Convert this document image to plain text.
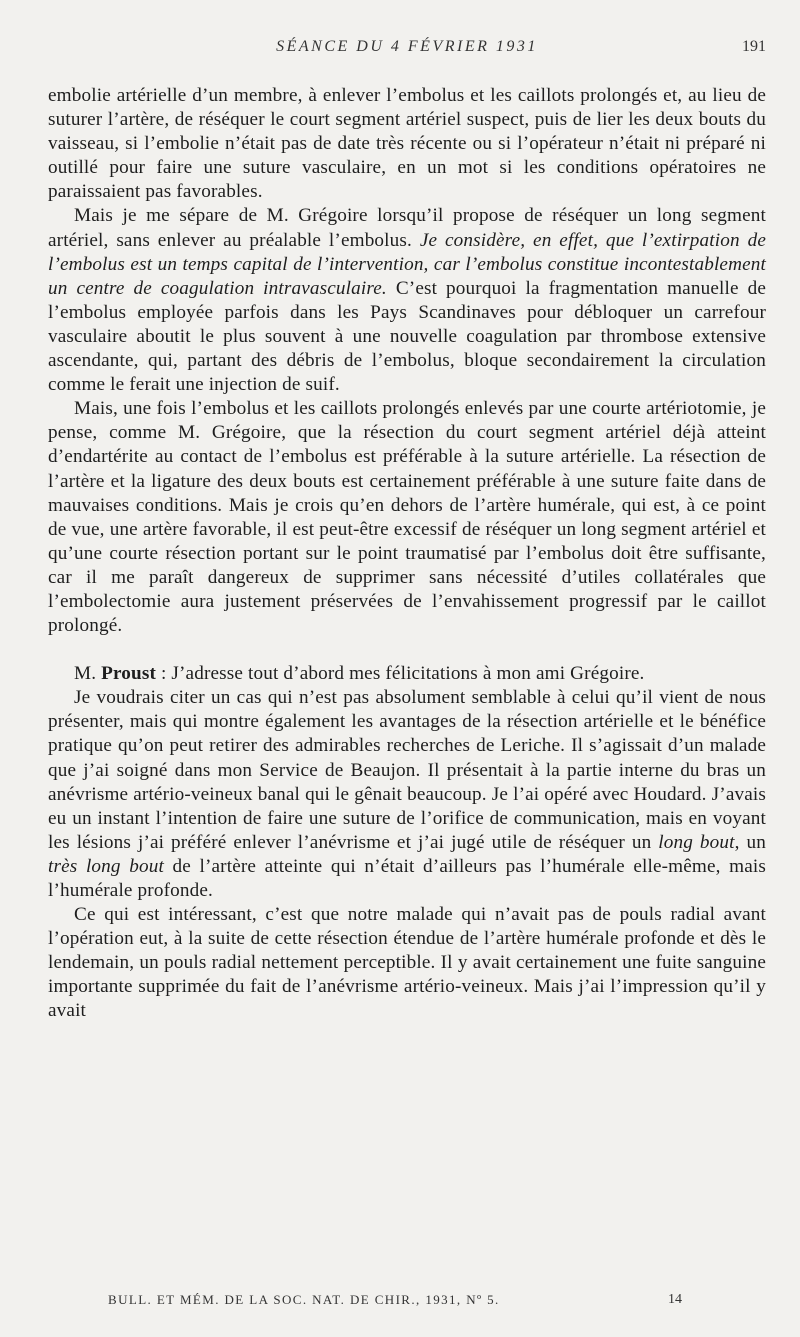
SÉANCE DU 4 FÉVRIER 1931	191

embolie artérielle d’un membre, à enlever l’embolus et les caillots prolongés et, au lieu de suturer l’artère, de réséquer le court segment artériel suspect, puis de lier les deux bouts du vaisseau, si l’embolie n’était pas de date très récente ou si l’opérateur n’était ni préparé ni outillé pour faire une suture vasculaire, en un mot si les conditions opératoires ne paraissaient pas favorables.

Mais je me sépare de M. Grégoire lorsqu’il propose de réséquer un long segment artériel, sans enlever au préalable l’embolus. Je considère, en effet, que l’extirpation de l’embolus est un temps capital de l’intervention, car l’embolus constitue incontestablement un centre de coagulation intravasculaire. C’est pourquoi la fragmentation manuelle de l’embolus employée parfois dans les Pays Scandinaves pour débloquer un carrefour vasculaire aboutit le plus souvent à une nouvelle coagulation par thrombose extensive ascendante, qui, partant des débris de l’embolus, bloque secondairement la circulation comme le ferait une injection de suif.

Mais, une fois l’embolus et les caillots prolongés enlevés par une courte artériotomie, je pense, comme M. Grégoire, que la résection du court segment artériel déjà atteint d’endartérite au contact de l’embolus est préférable à la suture artérielle. La résection de l’artère et la ligature des deux bouts est certainement préférable à une suture faite dans de mauvaises conditions. Mais je crois qu’en dehors de l’artère humérale, qui est, à ce point de vue, une artère favorable, il est peut-être excessif de réséquer un long segment artériel et qu’une courte résection portant sur le point traumatisé par l’embolus doit être suffisante, car il me paraît dangereux de supprimer sans nécessité d’utiles collatérales que l’embolectomie aura justement préservées de l’envahissement progressif par le caillot prolongé.

M. Proust : J’adresse tout d’abord mes félicitations à mon ami Grégoire.

Je voudrais citer un cas qui n’est pas absolument semblable à celui qu’il vient de nous présenter, mais qui montre également les avantages de la résection artérielle et le bénéfice pratique qu’on peut retirer des admirables recherches de Leriche. Il s’agissait d’un malade que j’ai soigné dans mon Service de Beaujon. Il présentait à la partie interne du bras un anévrisme artério-veineux banal qui le gênait beaucoup. Je l’ai opéré avec Houdard. J’avais eu un instant l’intention de faire une suture de l’orifice de communication, mais en voyant les lésions j’ai préféré enlever l’anévrisme et j’ai jugé utile de réséquer un long bout, un très long bout de l’artère atteinte qui n’était d’ailleurs pas l’humérale elle-même, mais l’humérale profonde.

Ce qui est intéressant, c’est que notre malade qui n’avait pas de pouls radial avant l’opération eut, à la suite de cette résection étendue de l’artère humérale profonde et dès le lendemain, un pouls radial nettement perceptible. Il y avait certainement une fuite sanguine importante supprimée du fait de l’anévrisme artério-veineux. Mais j’ai l’impression qu’il y avait

BULL. ET MÉM. DE LA SOC. NAT. DE CHIR., 1931, Nº 5.	14
